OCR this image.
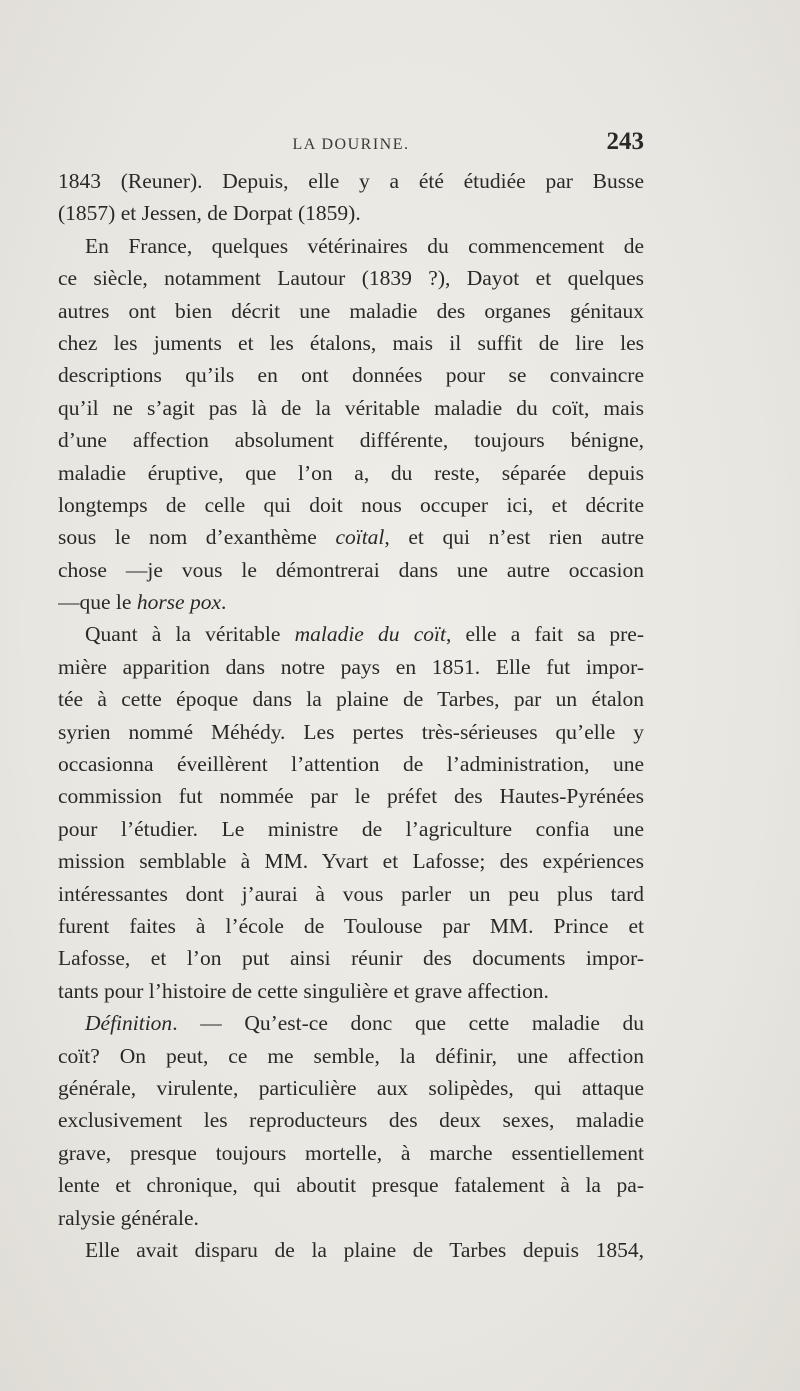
LA DOURINE.	243
1843 (Reuner). Depuis, elle y a été étudiée par Busse
(1857) et Jessen, de Dorpat (1859).
En France, quelques vétérinaires du commencement de
ce siècle, notamment Lautour (1839 ?), Dayot et quelques
autres ont bien décrit une maladie des organes génitaux
chez les juments et les étalons, mais il suffit de lire les
descriptions qu’ils en ont données pour se convaincre
qu’il ne s’agit pas là de la véritable maladie du coït, mais
d’une affection absolument différente, toujours bénigne,
maladie éruptive, que l’on a, du reste, séparée depuis
longtemps de celle qui doit nous occuper ici, et décrite
sous le nom d’exanthème coïtal, et qui n’est rien autre
chose —je vous le démontrerai dans une autre occasion
—que le horse pox.
Quant à la véritable maladie du coït, elle a fait sa pre-
mière apparition dans notre pays en 1851. Elle fut impor-
tée à cette époque dans la plaine de Tarbes, par un étalon
syrien nommé Méhédy. Les pertes très-sérieuses qu’elle y
occasionna éveillèrent l’attention de l’administration, une
commission fut nommée par le préfet des Hautes-Pyrénées
pour l’étudier. Le ministre de l’agriculture confia une
mission semblable à MM. Yvart et Lafosse; des expériences
intéressantes dont j’aurai à vous parler un peu plus tard
furent faites à l’école de Toulouse par MM. Prince et
Lafosse, et l’on put ainsi réunir des documents impor-
tants pour l’histoire de cette singulière et grave affection.
Définition. — Qu’est-ce donc que cette maladie du
coït? On peut, ce me semble, la définir, une affection
générale, virulente, particulière aux solipèdes, qui attaque
exclusivement les reproducteurs des deux sexes, maladie
grave, presque toujours mortelle, à marche essentiellement
lente et chronique, qui aboutit presque fatalement à la pa-
ralysie générale.
Elle avait disparu de la plaine de Tarbes depuis 1854,
